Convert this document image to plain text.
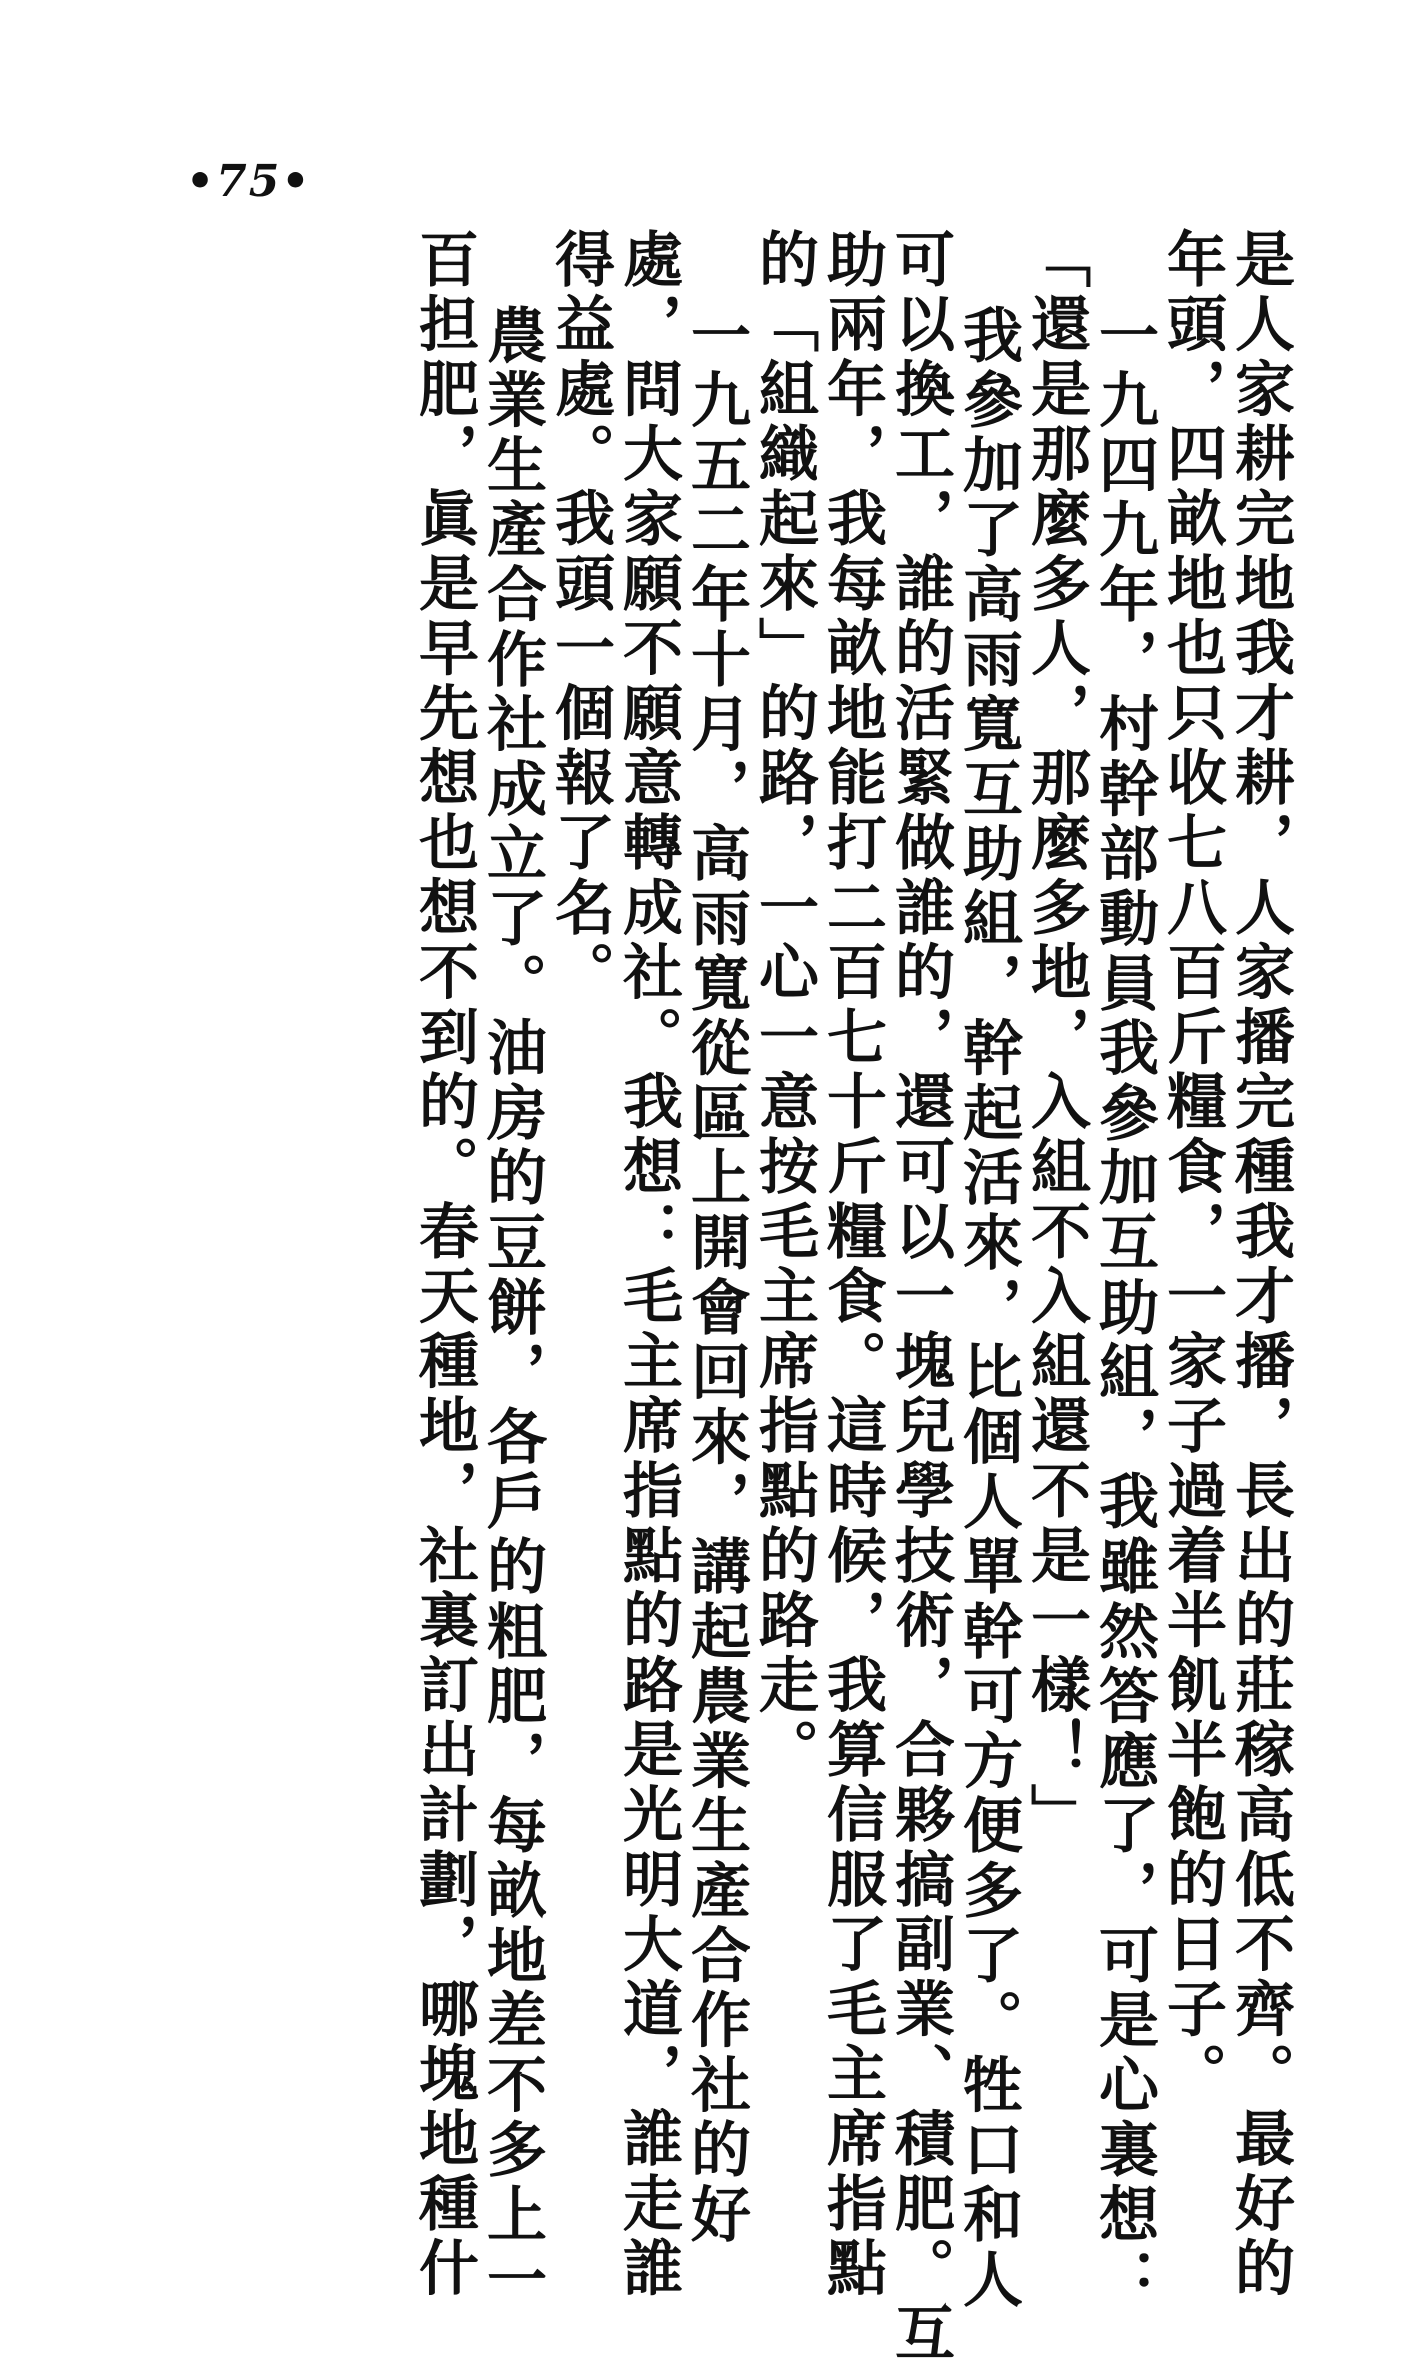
•75•
是人家耕完地我才耕，人家播完種我才播，長出的莊稼高低不齊。最好的
年頭，四畝地也只收七八百斤糧食，一家子過着半飢半飽的日子。
一九四九年，村幹部動員我參加互助組，我雖然答應了，可是心裏想：
「還是那麼多人，那麼多地，入組不入組還不是一樣！」
我參加了高雨寬互助組，幹起活來，比個人單幹可方便多了。牲口和人
可以換工，誰的活緊做誰的，還可以一塊兒學技術，合夥搞副業、積肥。互
助兩年，我每畝地能打二百七十斤糧食。這時候，我算信服了毛主席指點
的「組織起來」的路，一心一意按毛主席指點的路走。
一九五二年十月，高雨寬從區上開會回來，講起農業生產合作社的好
處，問大家願不願意轉成社。我想：毛主席指點的路是光明大道，誰走誰
得益處。我頭一個報了名。
農業生產合作社成立了。油房的豆餅，各戶的粗肥，每畝地差不多上一
百担肥，眞是早先想也想不到的。春天種地，社裏訂出計劃，哪塊地種什
